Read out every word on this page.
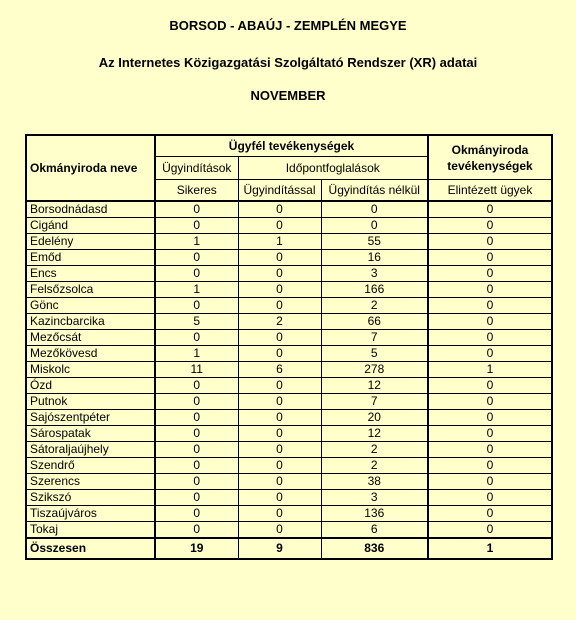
BORSOD - ABAÚJ - ZEMPLÉN MEGYE
Az Internetes Közigazgatási Szolgáltató Rendszer (XR) adatai
NOVEMBER
Okmányiroda neve	Ügyfél tevékenységek			Okmányiroda tevékenységek
	Ügyindítások	Időpontfoglalások		
	Sikeres	Ügyindítással	Ügyindítás nélkül	Elintézett ügyek
Borsodnádasd	0	0	0	0
Cigánd	0	0	0	0
Edelény	1	1	55	0
Emőd	0	0	16	0
Encs	0	0	3	0
Felsőzsolca	1	0	166	0
Gönc	0	0	2	0
Kazincbarcika	5	2	66	0
Mezőcsát	0	0	7	0
Mezőkövesd	1	0	5	0
Miskolc	11	6	278	1
Ózd	0	0	12	0
Putnok	0	0	7	0
Sajószentpéter	0	0	20	0
Sárospatak	0	0	12	0
Sátoraljaújhely	0	0	2	0
Szendrő	0	0	2	0
Szerencs	0	0	38	0
Szikszó	0	0	3	0
Tiszaújváros	0	0	136	0
Tokaj	0	0	6	0
Összesen	19	9	836	1
